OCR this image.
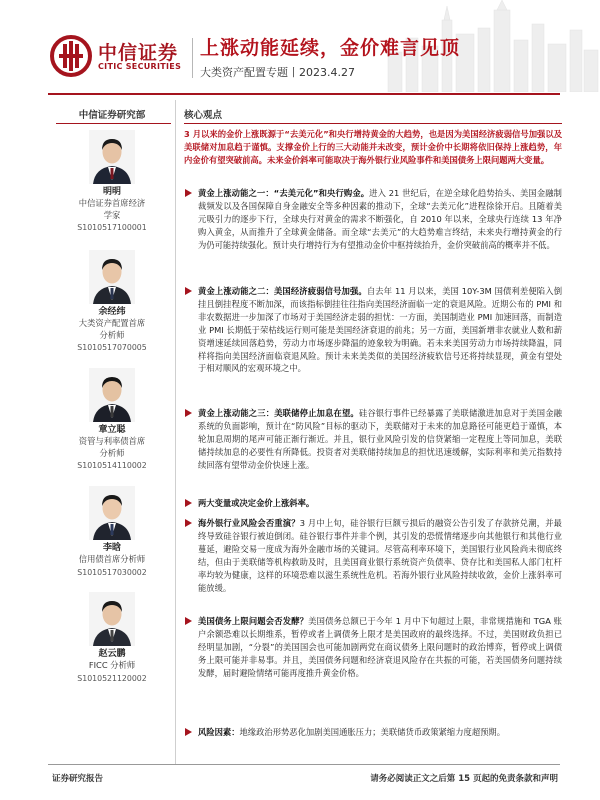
中信证券
CITIC SECURITIES
上涨动能延续，金价难言见顶
大类资产配置专题丨2023.4.27
中信证券研究部
明明
中信证券首席经济
学家
S1010517100001
余经纬
大类资产配置首席
分析师
S1010517070005
章立聪
资管与利率债首席
分析师
S1010514110002
李晗
信用债首席分析师
S1010517030002
赵云鹏
FICC 分析师
S1010521120002
核心观点
3 月以来的金价上涨既源于“去美元化”和央行增持黄金的大趋势，也是因为美国经济疲弱信号加强以及美联储对加息趋于谨慎。支撑金价上行的三大动能并未改变，预计金价中长期将依旧保持上涨趋势，年内金价有望突破前高。未来金价斜率可能取决于海外银行业风险事件和美国债务上限问题两大变量。
黄金上涨动能之一：“去美元化”和央行购金。进入 21 世纪后，在逆全球化趋势抬头、美国金融制裁频发以及各国保障自身金融安全等多种因素的推动下，全球“去美元化”进程徐徐开启。且随着美元吸引力的逐步下行，全球央行对黄金的需求不断强化，自 2010 年以来，全球央行连续 13 年净购入黄金，从而推升了全球黄金储备。而全球“去美元”的大趋势难言终结，未来央行增持黄金的行为仍可能持续强化。预计央行增持行为有望推动金价中枢持续抬升，金价突破前高的概率并不低。
黄金上涨动能之二：美国经济疲弱信号加强。自去年 11 月以来，美国 10Y-3M 国债利差便陷入倒挂且倒挂程度不断加深，而该指标倒挂往往指向美国经济面临一定的衰退风险。近期公布的 PMI 和非农数据进一步加深了市场对于美国经济走弱的担忧：一方面，美国制造业 PMI 加速回落，而制造业 PMI 长期低于荣枯线运行则可能是美国经济衰退的前兆；另一方面，美国新增非农就业人数和薪资增速延续回落趋势，劳动力市场逐步降温的迹象较为明确。若未来美国劳动力市场持续降温，同样将指向美国经济面临衰退风险。预计未来美类似的美国经济疲软信号还将持续显现，黄金有望处于相对顺风的宏观环境之中。
黄金上涨动能之三：美联储停止加息在望。硅谷银行事件已经暴露了美联储激进加息对于美国金融系统的负面影响，预计在“防风险”目标的驱动下，美联储对于未来的加息路径可能更趋于谨慎，本轮加息周期的尾声可能正渐行渐近。并且，银行业风险引发的信贷紧缩一定程度上等同加息，美联储持续加息的必要性有所降低。投资者对美联储持续加息的担忧迅速缓解，实际利率和美元指数持续回落有望带动金价快速上涨。
两大变量或决定金价上涨斜率。
海外银行业风险会否重演？3 月中上旬，硅谷银行巨额亏损后的融资公告引发了存款挤兑潮，并最终导致硅谷银行被迫倒闭。硅谷银行事件并非个例，其引发的恐慌情绪逐步向其他银行和其他行业蔓延，避险交易一度成为海外金融市场的关键词。尽管高利率环境下，美国银行业风险尚未彻底终结，但由于美联储等机构救助及时，且美国商业银行系统资产负债率、贷存比和美国私人部门杠杆率均较为健康，这样的环境恐难以滋生系统性危机。若海外银行业风险持续收敛，金价上涨斜率可能放缓。
美国债务上限问题会否发酵？美国债务总额已于今年 1 月中下旬超过上限，非常规措施和 TGA 账户余额恐难以长期维系，暂停或者上调债务上限才是美国政府的最终选择。不过，美国财政负担已经明显加剧，“分裂”的美国国会也可能加剧两党在商议债务上限问题时的政治博弈，暂停或上调债务上限可能并非易事。并且，美国债务问题和经济衰退风险存在共振的可能，若美国债务问题持续发酵，届时避险情绪可能再度推升黄金价格。
风险因素：地缘政治形势恶化加剧美国通胀压力；美联储货币政策紧缩力度超预期。
证券研究报告	请务必阅读正文之后第 15 页起的免责条款和声明
